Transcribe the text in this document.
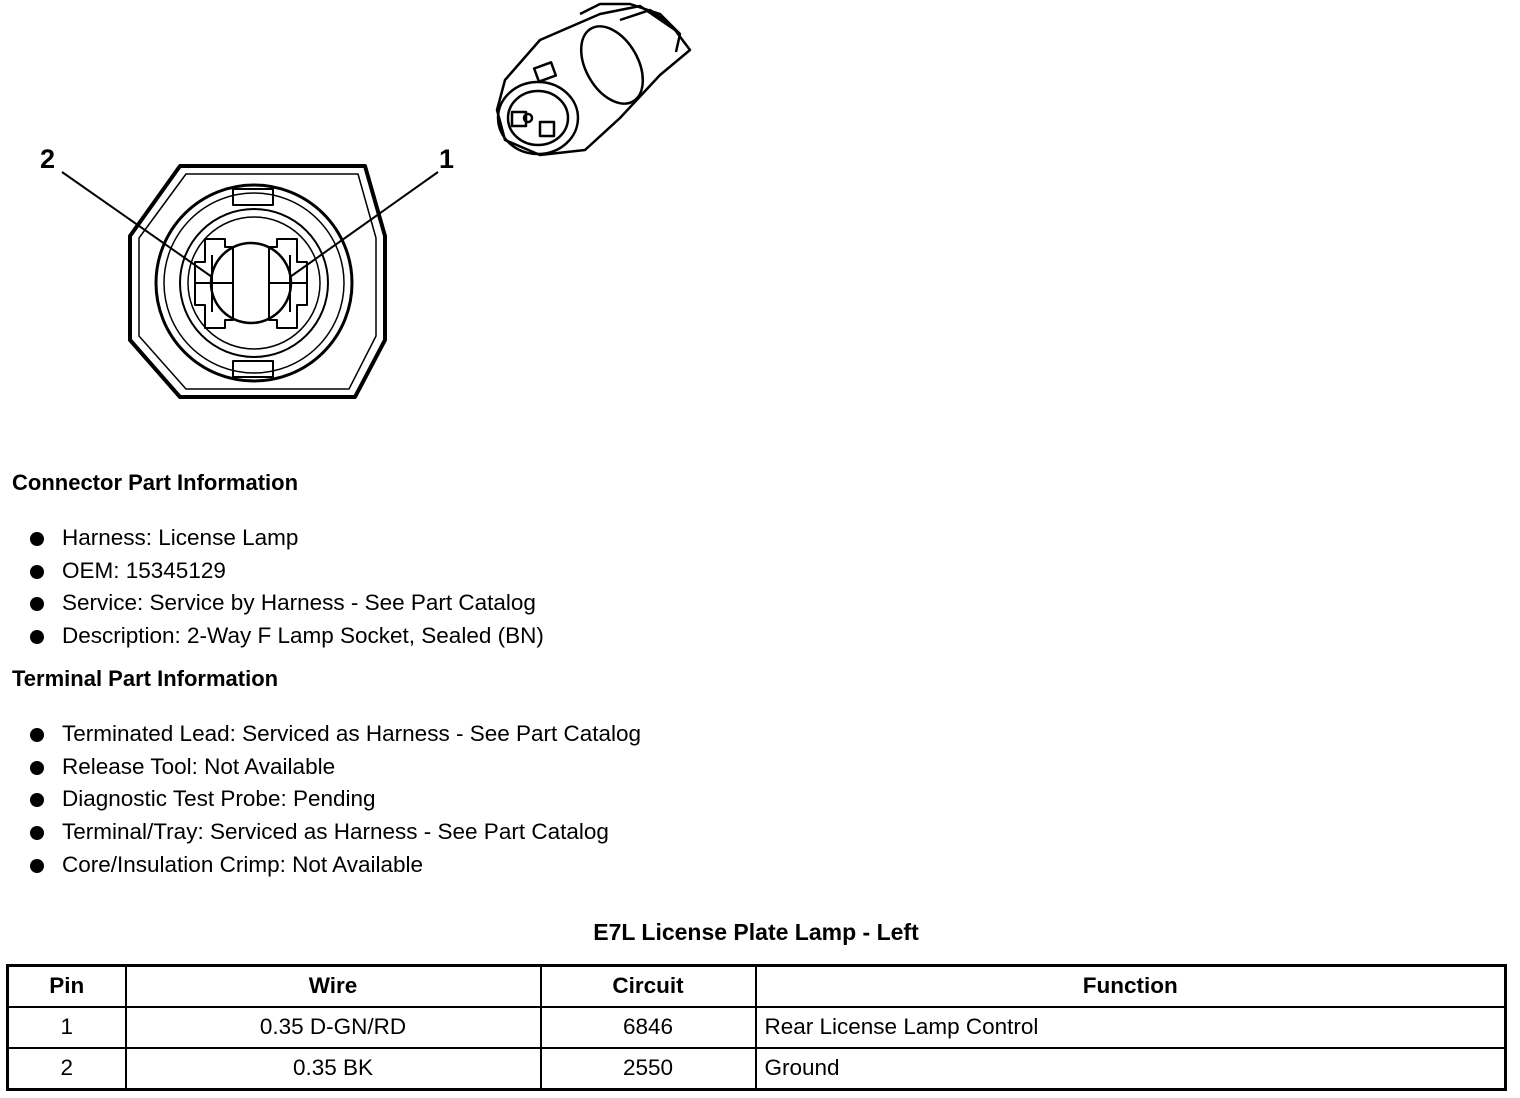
2	1
Connector Part Information
Harness: License Lamp
OEM: 15345129
Service: Service by Harness - See Part Catalog
Description: 2-Way F Lamp Socket, Sealed (BN)
Terminal Part Information
Terminated Lead: Serviced as Harness - See Part Catalog
Release Tool: Not Available
Diagnostic Test Probe: Pending
Terminal/Tray: Serviced as Harness - See Part Catalog
Core/Insulation Crimp: Not Available
E7L License Plate Lamp - Left
Pin	Wire	Circuit	Function
1	0.35 D-GN/RD	6846	Rear License Lamp Control
2	0.35 BK	2550	Ground
